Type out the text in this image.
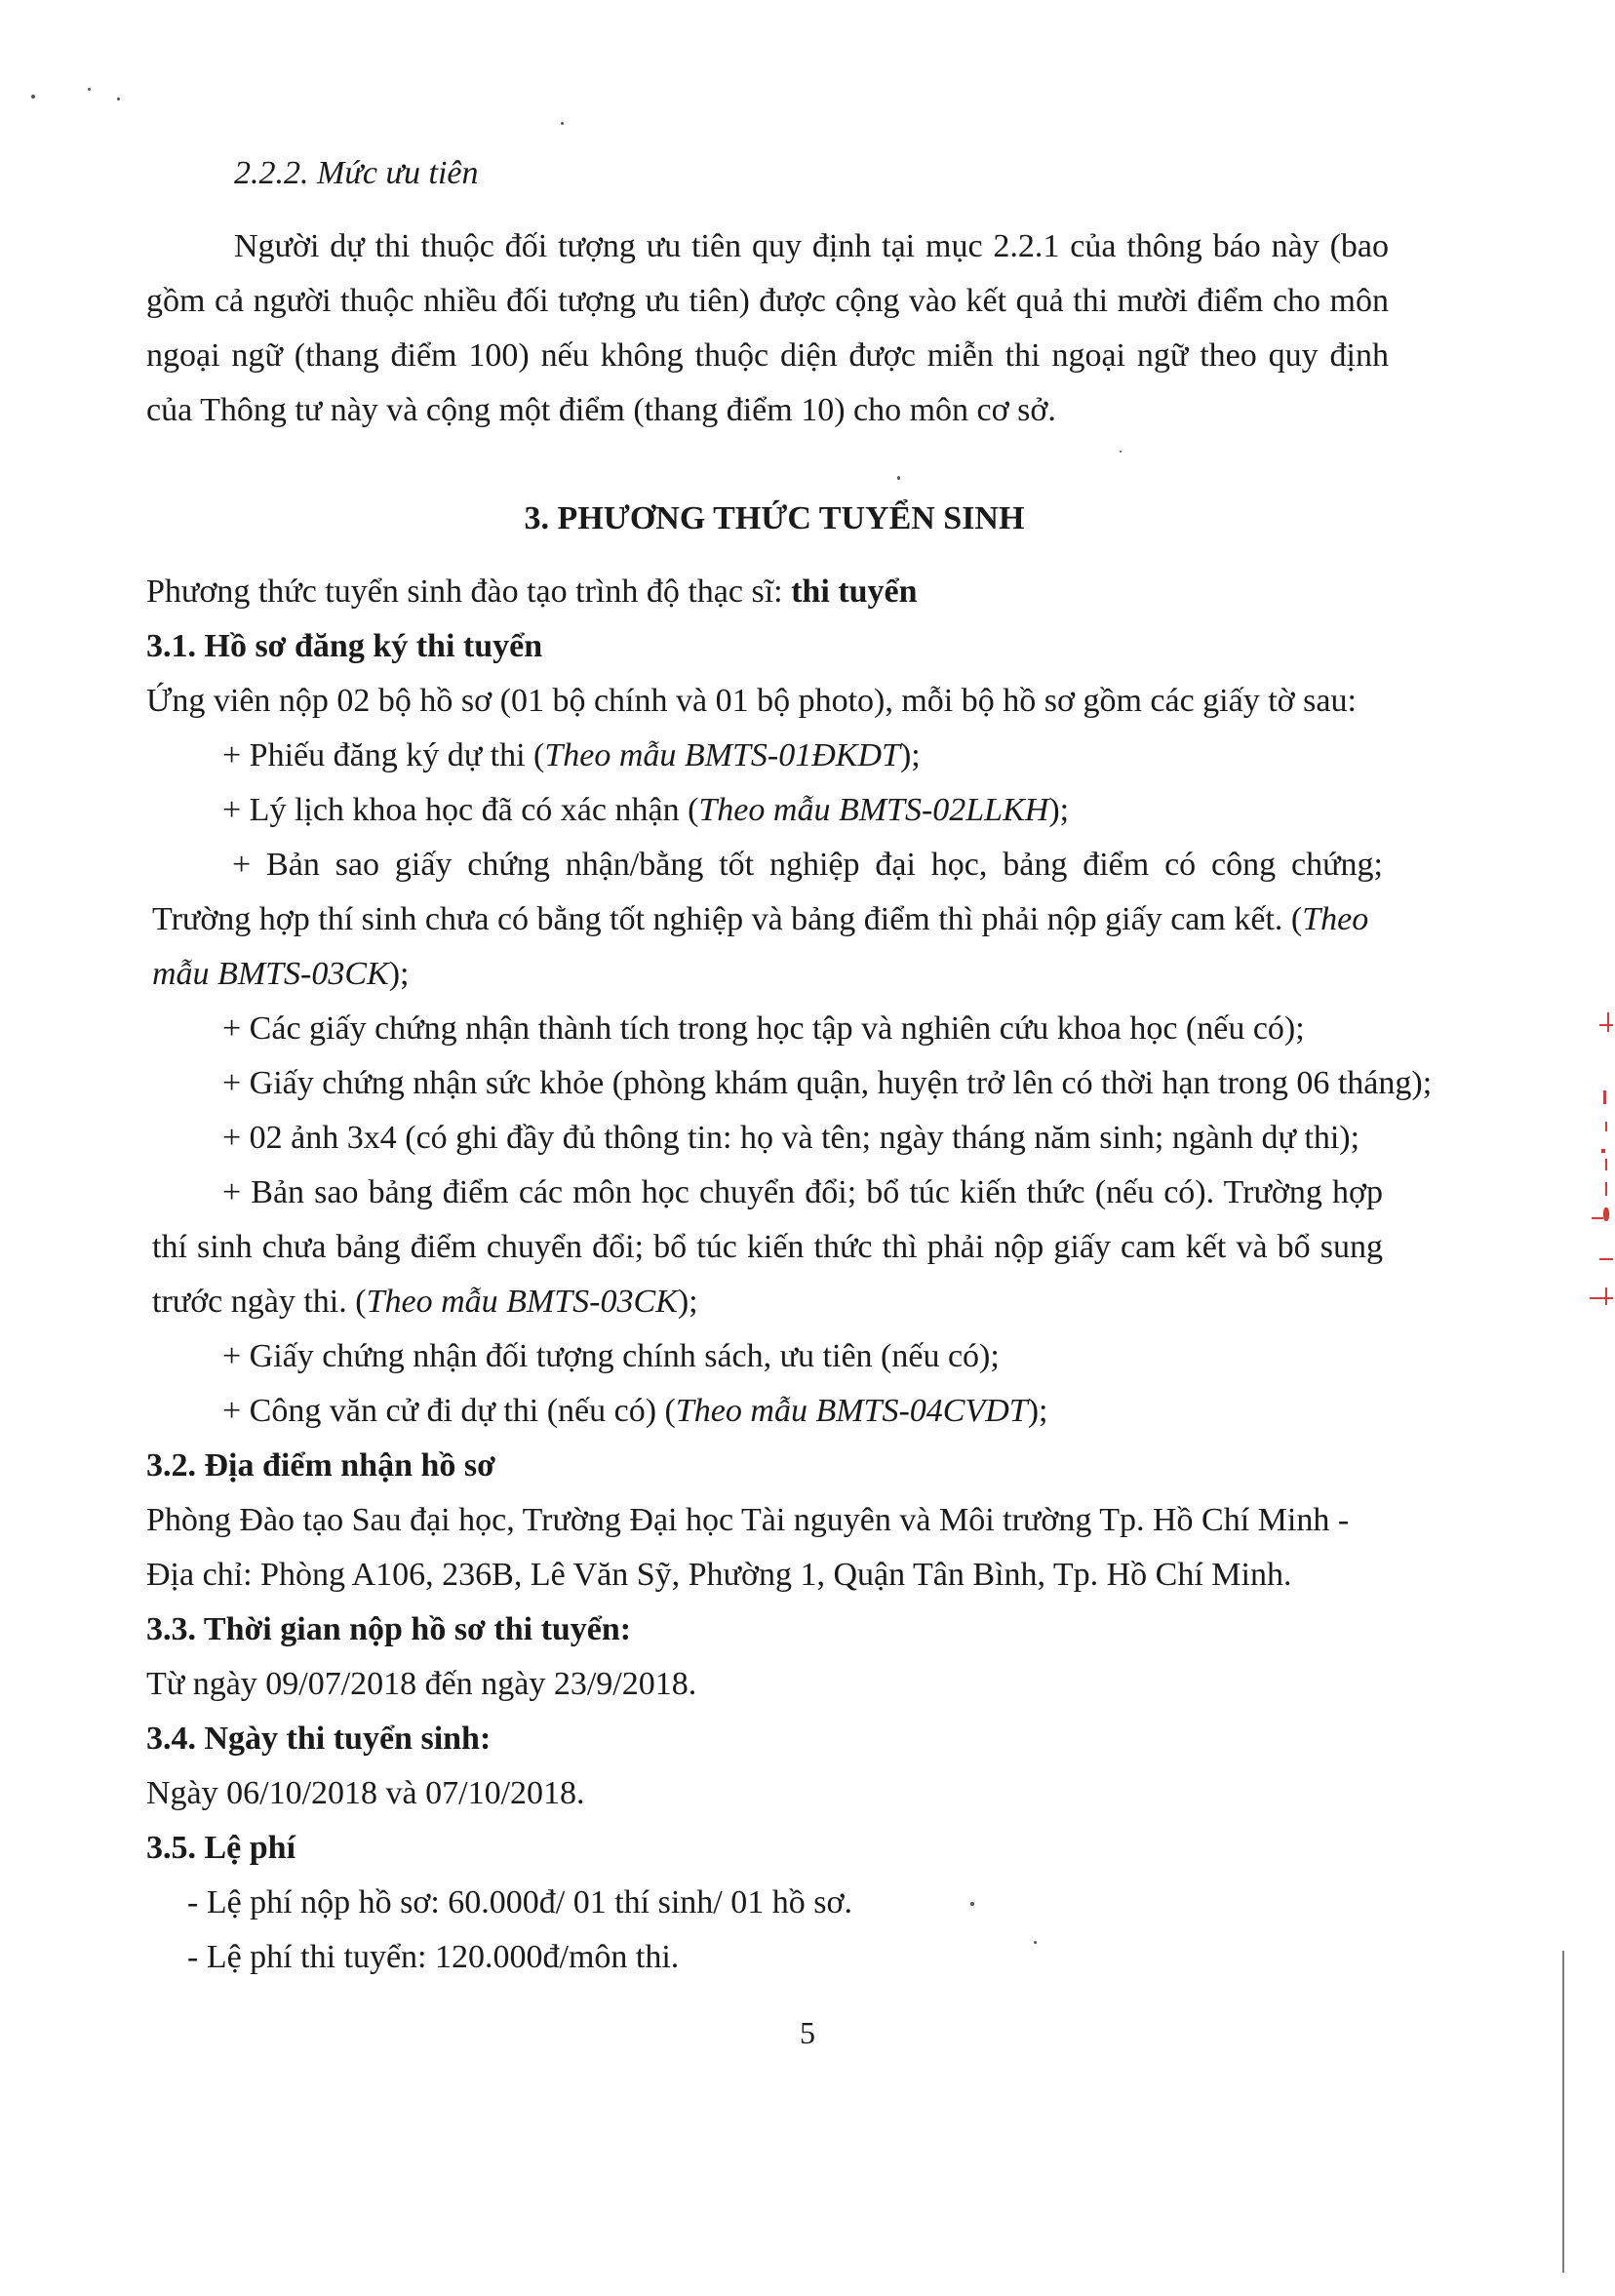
2.2.2. Mức ưu tiên
Người dự thi thuộc đối tượng ưu tiên quy định tại mục 2.2.1 của thông báo này (bao
gồm cả người thuộc nhiều đối tượng ưu tiên) được cộng vào kết quả thi mười điểm cho môn
ngoại ngữ (thang điểm 100) nếu không thuộc diện được miễn thi ngoại ngữ theo quy định
của Thông tư này và cộng một điểm (thang điểm 10) cho môn cơ sở.
3. PHƯƠNG THỨC TUYỂN SINH
Phương thức tuyển sinh đào tạo trình độ thạc sĩ: thi tuyển
3.1. Hồ sơ đăng ký thi tuyển
Ứng viên nộp 02 bộ hồ sơ (01 bộ chính và 01 bộ photo), mỗi bộ hồ sơ gồm các giấy tờ sau:
+ Phiếu đăng ký dự thi (Theo mẫu BMTS-01ĐKDT);
+ Lý lịch khoa học đã có xác nhận (Theo mẫu BMTS-02LLKH);
+ Bản sao giấy chứng nhận/bằng tốt nghiệp đại học, bảng điểm có công chứng;
Trường hợp thí sinh chưa có bằng tốt nghiệp và bảng điểm thì phải nộp giấy cam kết. (Theo
mẫu BMTS-03CK);
+ Các giấy chứng nhận thành tích trong học tập và nghiên cứu khoa học (nếu có);
+ Giấy chứng nhận sức khỏe (phòng khám quận, huyện trở lên có thời hạn trong 06 tháng);
+ 02 ảnh 3x4 (có ghi đầy đủ thông tin: họ và tên; ngày tháng năm sinh; ngành dự thi);
+ Bản sao bảng điểm các môn học chuyển đổi; bổ túc kiến thức (nếu có). Trường hợp
thí sinh chưa bảng điểm chuyển đổi; bổ túc kiến thức thì phải nộp giấy cam kết và bổ sung
trước ngày thi. (Theo mẫu BMTS-03CK);
+ Giấy chứng nhận đối tượng chính sách, ưu tiên (nếu có);
+ Công văn cử đi dự thi (nếu có) (Theo mẫu BMTS-04CVDT);
3.2. Địa điểm nhận hồ sơ
Phòng Đào tạo Sau đại học, Trường Đại học Tài nguyên và Môi trường Tp. Hồ Chí Minh -
Địa chỉ: Phòng A106, 236B, Lê Văn Sỹ, Phường 1, Quận Tân Bình, Tp. Hồ Chí Minh.
3.3. Thời gian nộp hồ sơ thi tuyển:
Từ ngày 09/07/2018 đến ngày 23/9/2018.
3.4. Ngày thi tuyển sinh:
Ngày 06/10/2018 và 07/10/2018.
3.5. Lệ phí
- Lệ phí nộp hồ sơ: 60.000đ/ 01 thí sinh/ 01 hồ sơ.
- Lệ phí thi tuyển: 120.000đ/môn thi.
5
